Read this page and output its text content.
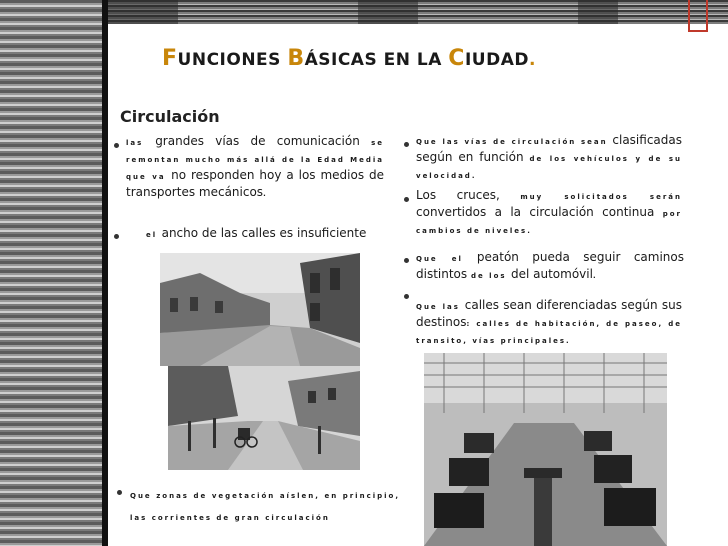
FUNCIONES BÁSICAS EN LA CIUDAD.
Circulación
las grandes vías de comunicación se remontan mucho más allá de la Edad Media que va no responden hoy a los medios de transportes mecánicos.
el ancho de las calles es insuficiente
Que zonas de vegetación aíslen, en principio, las corrientes de gran circulación
Que las vías de circulación sean clasificadas según en función de los vehículos y de su velocidad.
Los cruces, muy solicitados serán convertidos a la circulación continua por cambios de niveles.
Que el peatón pueda seguir caminos distintos de los del automóvil.
Que las calles sean diferenciadas según sus destinos: calles de habitación, de paseo, de transito, vías principales.
